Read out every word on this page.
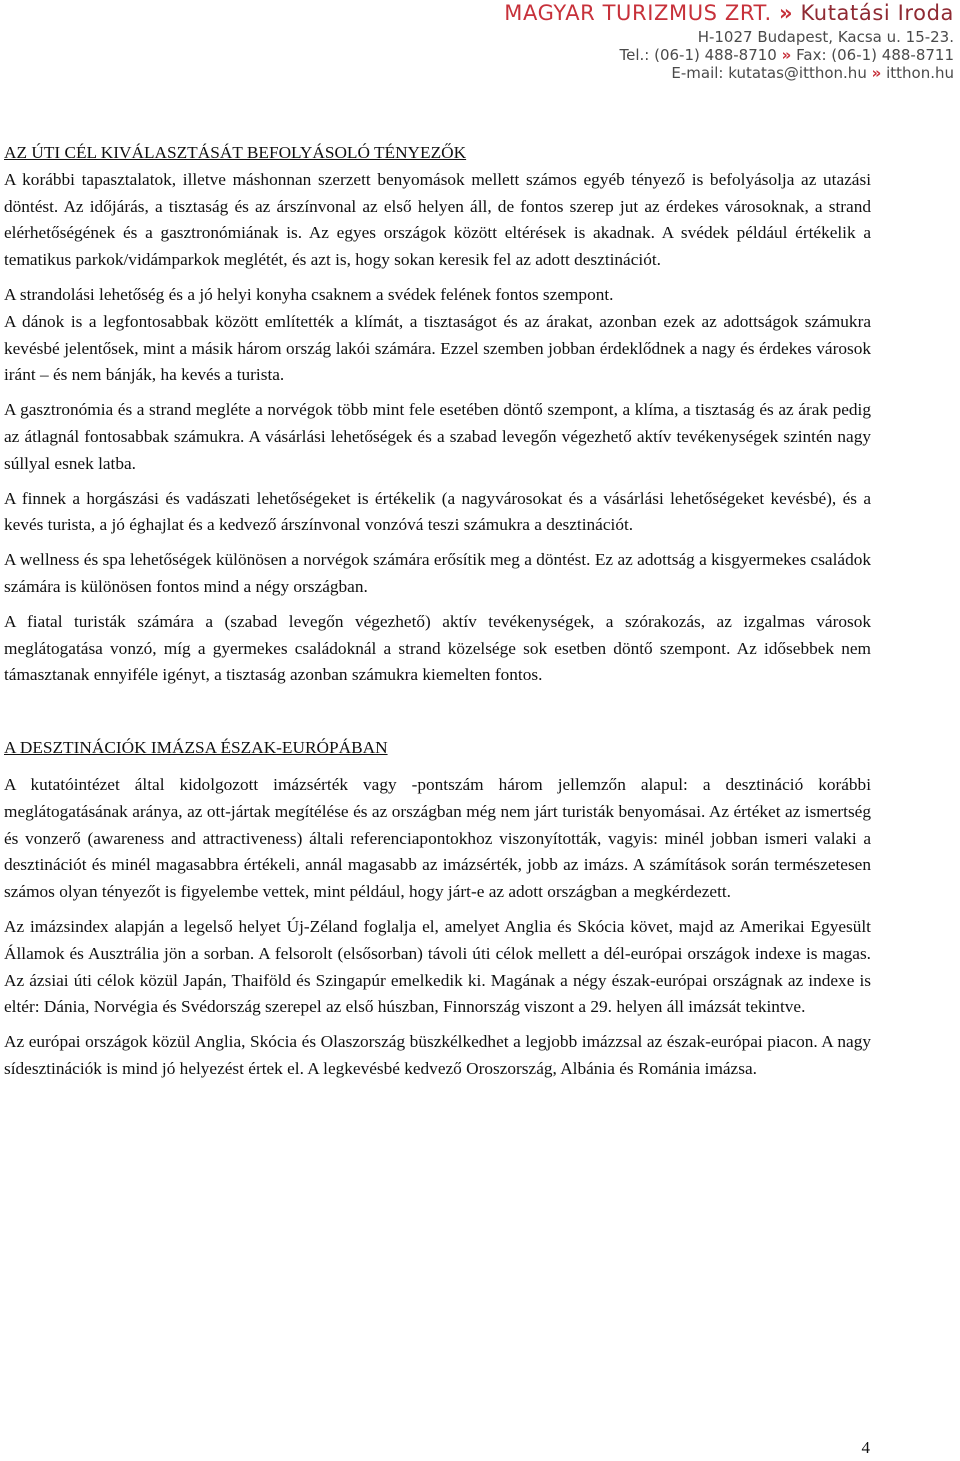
MAGYAR TURIZMUS ZRT. » Kutatási Iroda
H-1027 Budapest, Kacsa u. 15-23.
Tel.: (06-1) 488-8710 » Fax: (06-1) 488-8711
E-mail: kutatas@itthon.hu » itthon.hu
AZ ÚTI CÉL KIVÁLASZTÁSÁT BEFOLYÁSOLÓ TÉNYEZŐK

A korábbi tapasztalatok, illetve máshonnan szerzett benyomások mellett számos egyéb tényező is befolyásolja az utazási döntést. Az időjárás, a tisztaság és az árszínvonal az első helyen áll, de fontos szerep jut az érdekes városoknak, a strand elérhetőségének és a gasztronómiának is. Az egyes országok között eltérések is akadnak. A svédek például értékelik a tematikus parkok/vidámparkok meglétét, és azt is, hogy sokan keresik fel az adott desztinációt.

A strandolási lehetőség és a jó helyi konyha csaknem a svédek felének fontos szempont.

A dánok is a legfontosabbak között említették a klímát, a tisztaságot és az árakat, azonban ezek az adottságok számukra kevésbé jelentősek, mint a másik három ország lakói számára. Ezzel szemben jobban érdeklődnek a nagy és érdekes városok iránt – és nem bánják, ha kevés a turista.

A gasztronómia és a strand megléte a norvégok több mint fele esetében döntő szempont, a klíma, a tisztaság és az árak pedig az átlagnál fontosabbak számukra. A vásárlási lehetőségek és a szabad levegőn végezhető aktív tevékenységek szintén nagy súllyal esnek latba.

A finnek a horgászási és vadászati lehetőségeket is értékelik (a nagyvárosokat és a vásárlási lehetőségeket kevésbé), és a kevés turista, a jó éghajlat és a kedvező árszínvonal vonzóvá teszi számukra a desztinációt.

A wellness és spa lehetőségek különösen a norvégok számára erősítik meg a döntést. Ez az adottság a kisgyermekes családok számára is különösen fontos mind a négy országban.

A fiatal turisták számára a (szabad levegőn végezhető) aktív tevékenységek, a szórakozás, az izgalmas városok meglátogatása vonzó, míg a gyermekes családoknál a strand közelsége sok esetben döntő szempont. Az idősebbek nem támasztanak ennyiféle igényt, a tisztaság azonban számukra kiemelten fontos.

A DESZTINÁCIÓK IMÁZSA ÉSZAK-EURÓPÁBAN

A kutatóintézet által kidolgozott imázsérték vagy -pontszám három jellemzőn alapul: a desztináció korábbi meglátogatásának aránya, az ott-jártak megítélése és az országban még nem járt turisták benyomásai. Az értéket az ismertség és vonzerő (awareness and attractiveness) általi referenciapontokhoz viszonyították, vagyis: minél jobban ismeri valaki a desztinációt és minél magasabbra értékeli, annál magasabb az imázsérték, jobb az imázs. A számítások során természetesen számos olyan tényezőt is figyelembe vettek, mint például, hogy járt-e az adott országban a megkérdezett.

Az imázsindex alapján a legelső helyet Új-Zéland foglalja el, amelyet Anglia és Skócia követ, majd az Amerikai Egyesült Államok és Ausztrália jön a sorban. A felsorolt (elsősorban) távoli úti célok mellett a dél-európai országok indexe is magas. Az ázsiai úti célok közül Japán, Thaiföld és Szingapúr emelkedik ki. Magának a négy észak-európai országnak az indexe is eltér: Dánia, Norvégia és Svédország szerepel az első húszban, Finnország viszont a 29. helyen áll imázsát tekintve.

Az európai országok közül Anglia, Skócia és Olaszország büszkélkedhet a legjobb imázzsal az észak-európai piacon. A nagy sídesztinációk is mind jó helyezést értek el. A legkevésbé kedvező Oroszország, Albánia és Románia imázsa.

4
